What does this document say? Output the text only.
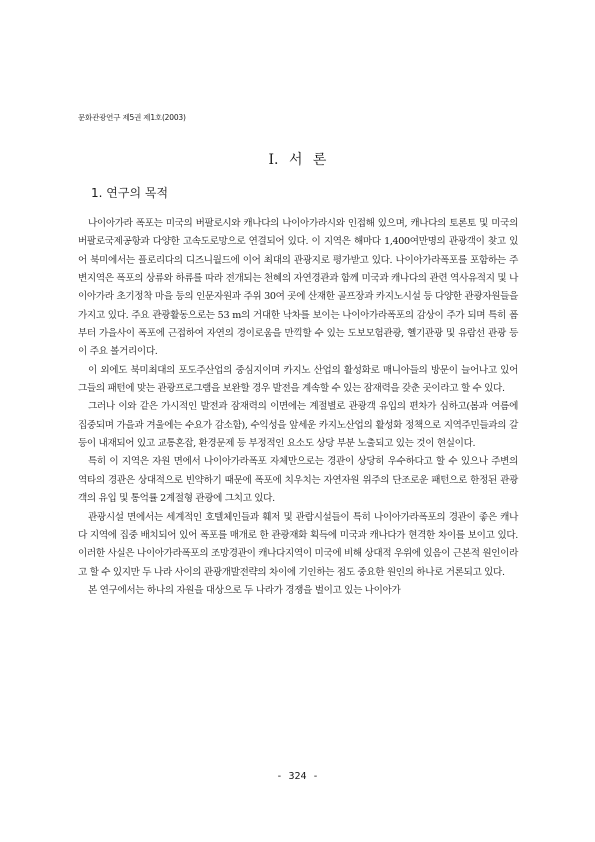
문화관광연구 제5권 제1호(2003)
Ⅰ. 서 론
1. 연구의 목적

나이아가라 폭포는 미국의 버팔로시와 캐나다의 나이아가라시와 인접해 있으며, 캐나다의 토론토 및 미국의 버팔로국제공항과 다양한 고속도로망으로 연결되어 있다. 이 지역은 해마다 1,400여만명의 관광객이 찾고 있어 북미에서는 플로리다의 디즈니월드에 이어 최대의 관광지로 평가받고 있다. 나이아가라폭포를 포함하는 주변지역은 폭포의 상류와 하류를 따라 전개되는 천혜의 자연경관과 함께 미국과 캐나다의 관련 역사유적지 및 나이아가라 초기정착 마을 등의 인문자원과 주위 30여 곳에 산재한 골프장과 카지노시설 등 다양한 관광자원들을 가지고 있다. 주요 관광활동으로는 53 m의 거대한 낙차를 보이는 나이아가라폭포의 감상이 주가 되며 특히 폼부터 가을사이 폭포에 근접하여 자연의 경이로움을 만끽할 수 있는 도보모험관광, 헬기관광 및 유람선 관광 등이 주요 볼거리이다.

이 외에도 북미최대의 포도주산업의 중심지이며 카지노 산업의 활성화로 매니아들의 방문이 늘어나고 있어 그들의 패턴에 맞는 관광프로그램을 보완할 경우 발전을 계속할 수 있는 잠재력을 갖춘 곳이라고 할 수 있다.

그러나 이와 같은 가시적인 발전과 잠재력의 이면에는 계절별로 관광객 유입의 편차가 심하고(봄과 여름에 집중되며 가을과 겨울에는 수요가 감소함), 수익성을 앞세운 카지노산업의 활성화 정책으로 지역주민들과의 갈등이 내재되어 있고 교통혼잡, 환경문제 등 부정적인 요소도 상당 부분 노출되고 있는 것이 현실이다.

특히 이 지역은 자원 면에서 나이아가라폭포 자체만으로는 경관이 상당히 우수하다고 할 수 있으나 주변의 역타의 경관은 상대적으로 빈약하기 때문에 폭포에 치우치는 자연자원 위주의 단조로운 패턴으로 한정된 관광객의 유입 및 통억률 2계절형 관광에 그치고 있다.

관광시설 면에서는 세계적인 호텔체인들과 훼저 및 관람시설들이 특히 나이아가라폭포의 경관이 좋은 캐나다 지역에 집중 배치되어 있어 폭포를 매개로 한 관광재화 획득에 미국과 캐나다가 현격한 차이를 보이고 있다. 이러한 사실은 나이아가라폭포의 조망경관이 캐나다지역이 미국에 비해 상대적 우위에 있음이 근본적 원인이라고 할 수 있지만 두 나라 사이의 관광개발전략의 차이에 기인하는 점도 중요한 원인의 하나로 거론되고 있다.

본 연구에서는 하나의 자원을 대상으로 두 나라가 경쟁을 벌이고 있는 나이아가

- 324 -
